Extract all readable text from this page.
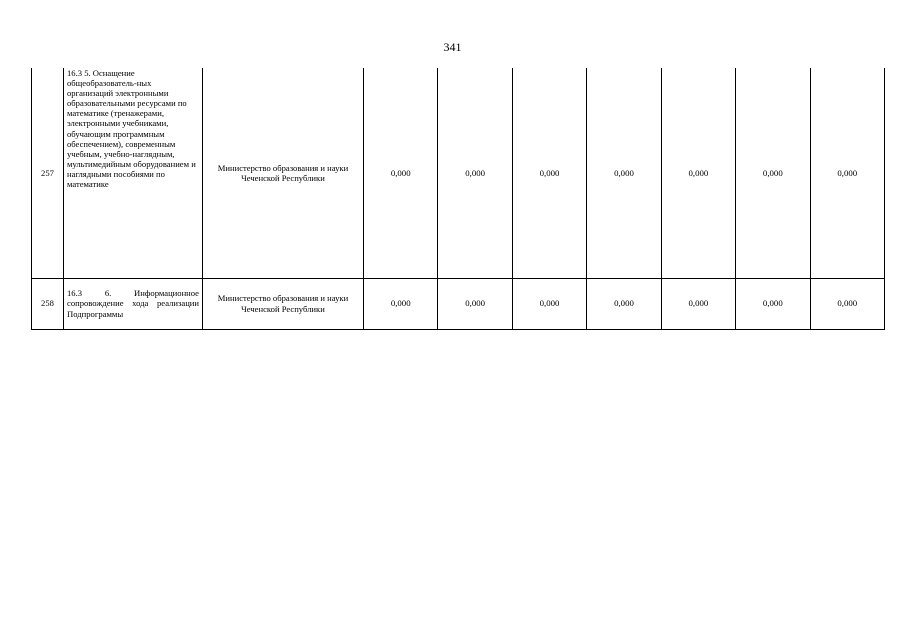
341
257	16.3 5. Оснащение общеобразователь-ных организаций электронными образовательными ресурсами по математике (тренажерами, электронными учебниками, обучающим программным обеспечением), современным учебным, учебно-наглядным, мультимедийным оборудованием и наглядными пособиями по математике	Министерство образования и науки Чеченской Республики	0,000	0,000	0,000	0,000	0,000	0,000	0,000
258	16.3 6. Информационное сопровождение хода реализации Подпрограммы	Министерство образования и науки Чеченской Республики	0,000	0,000	0,000	0,000	0,000	0,000	0,000
